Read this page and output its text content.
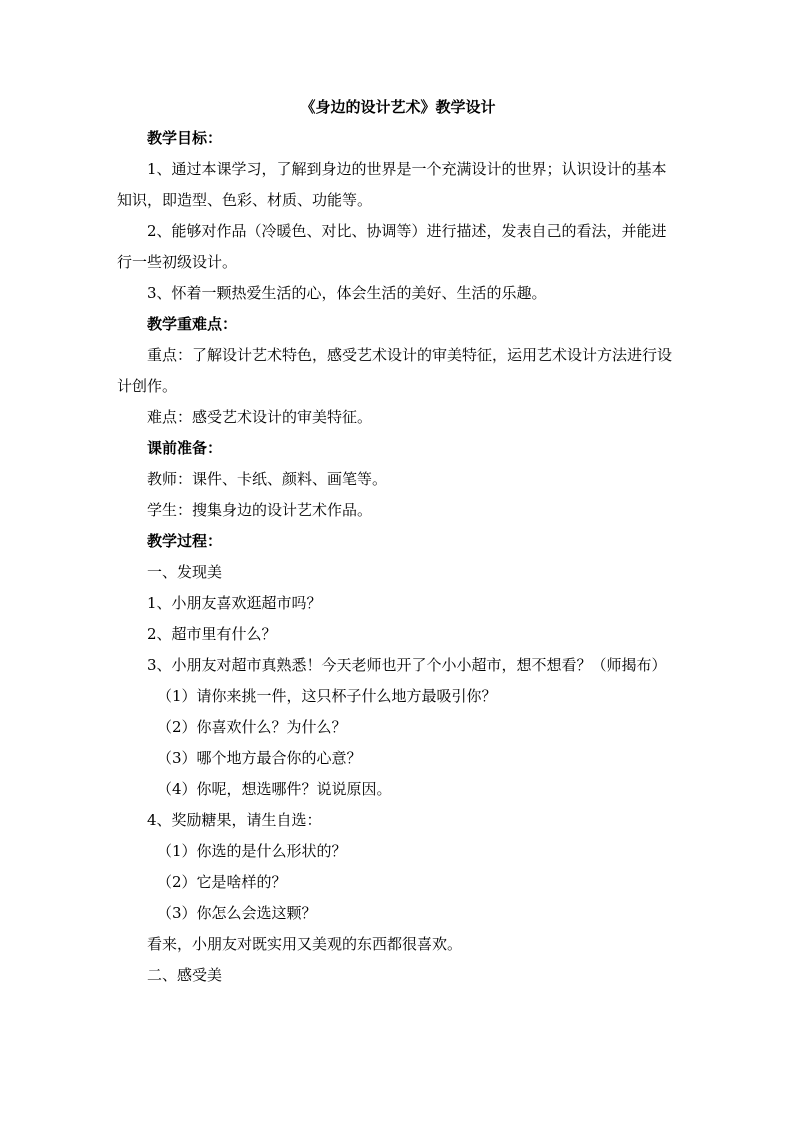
《身边的设计艺术》教学设计

教学目标：

1、通过本课学习，了解到身边的世界是一个充满设计的世界；认识设计的基本知识，即造型、色彩、材质、功能等。

2、能够对作品（冷暖色、对比、协调等）进行描述，发表自己的看法，并能进行一些初级设计。

3、怀着一颗热爱生活的心，体会生活的美好、生活的乐趣。

教学重难点：

重点：了解设计艺术特色，感受艺术设计的审美特征，运用艺术设计方法进行设计创作。

难点：感受艺术设计的审美特征。

课前准备：

教师：课件、卡纸、颜料、画笔等。

学生：搜集身边的设计艺术作品。

教学过程：

一、发现美

1、小朋友喜欢逛超市吗？

2、超市里有什么？

3、小朋友对超市真熟悉！今天老师也开了个小小超市，想不想看？（师揭布）

（1）请你来挑一件，这只杯子什么地方最吸引你？

（2）你喜欢什么？为什么？

（3）哪个地方最合你的心意？

（4）你呢，想选哪件？说说原因。

4、奖励糖果，请生自选：

（1）你选的是什么形状的？

（2）它是啥样的？

（3）你怎么会选这颗？

看来，小朋友对既实用又美观的东西都很喜欢。

二、感受美
